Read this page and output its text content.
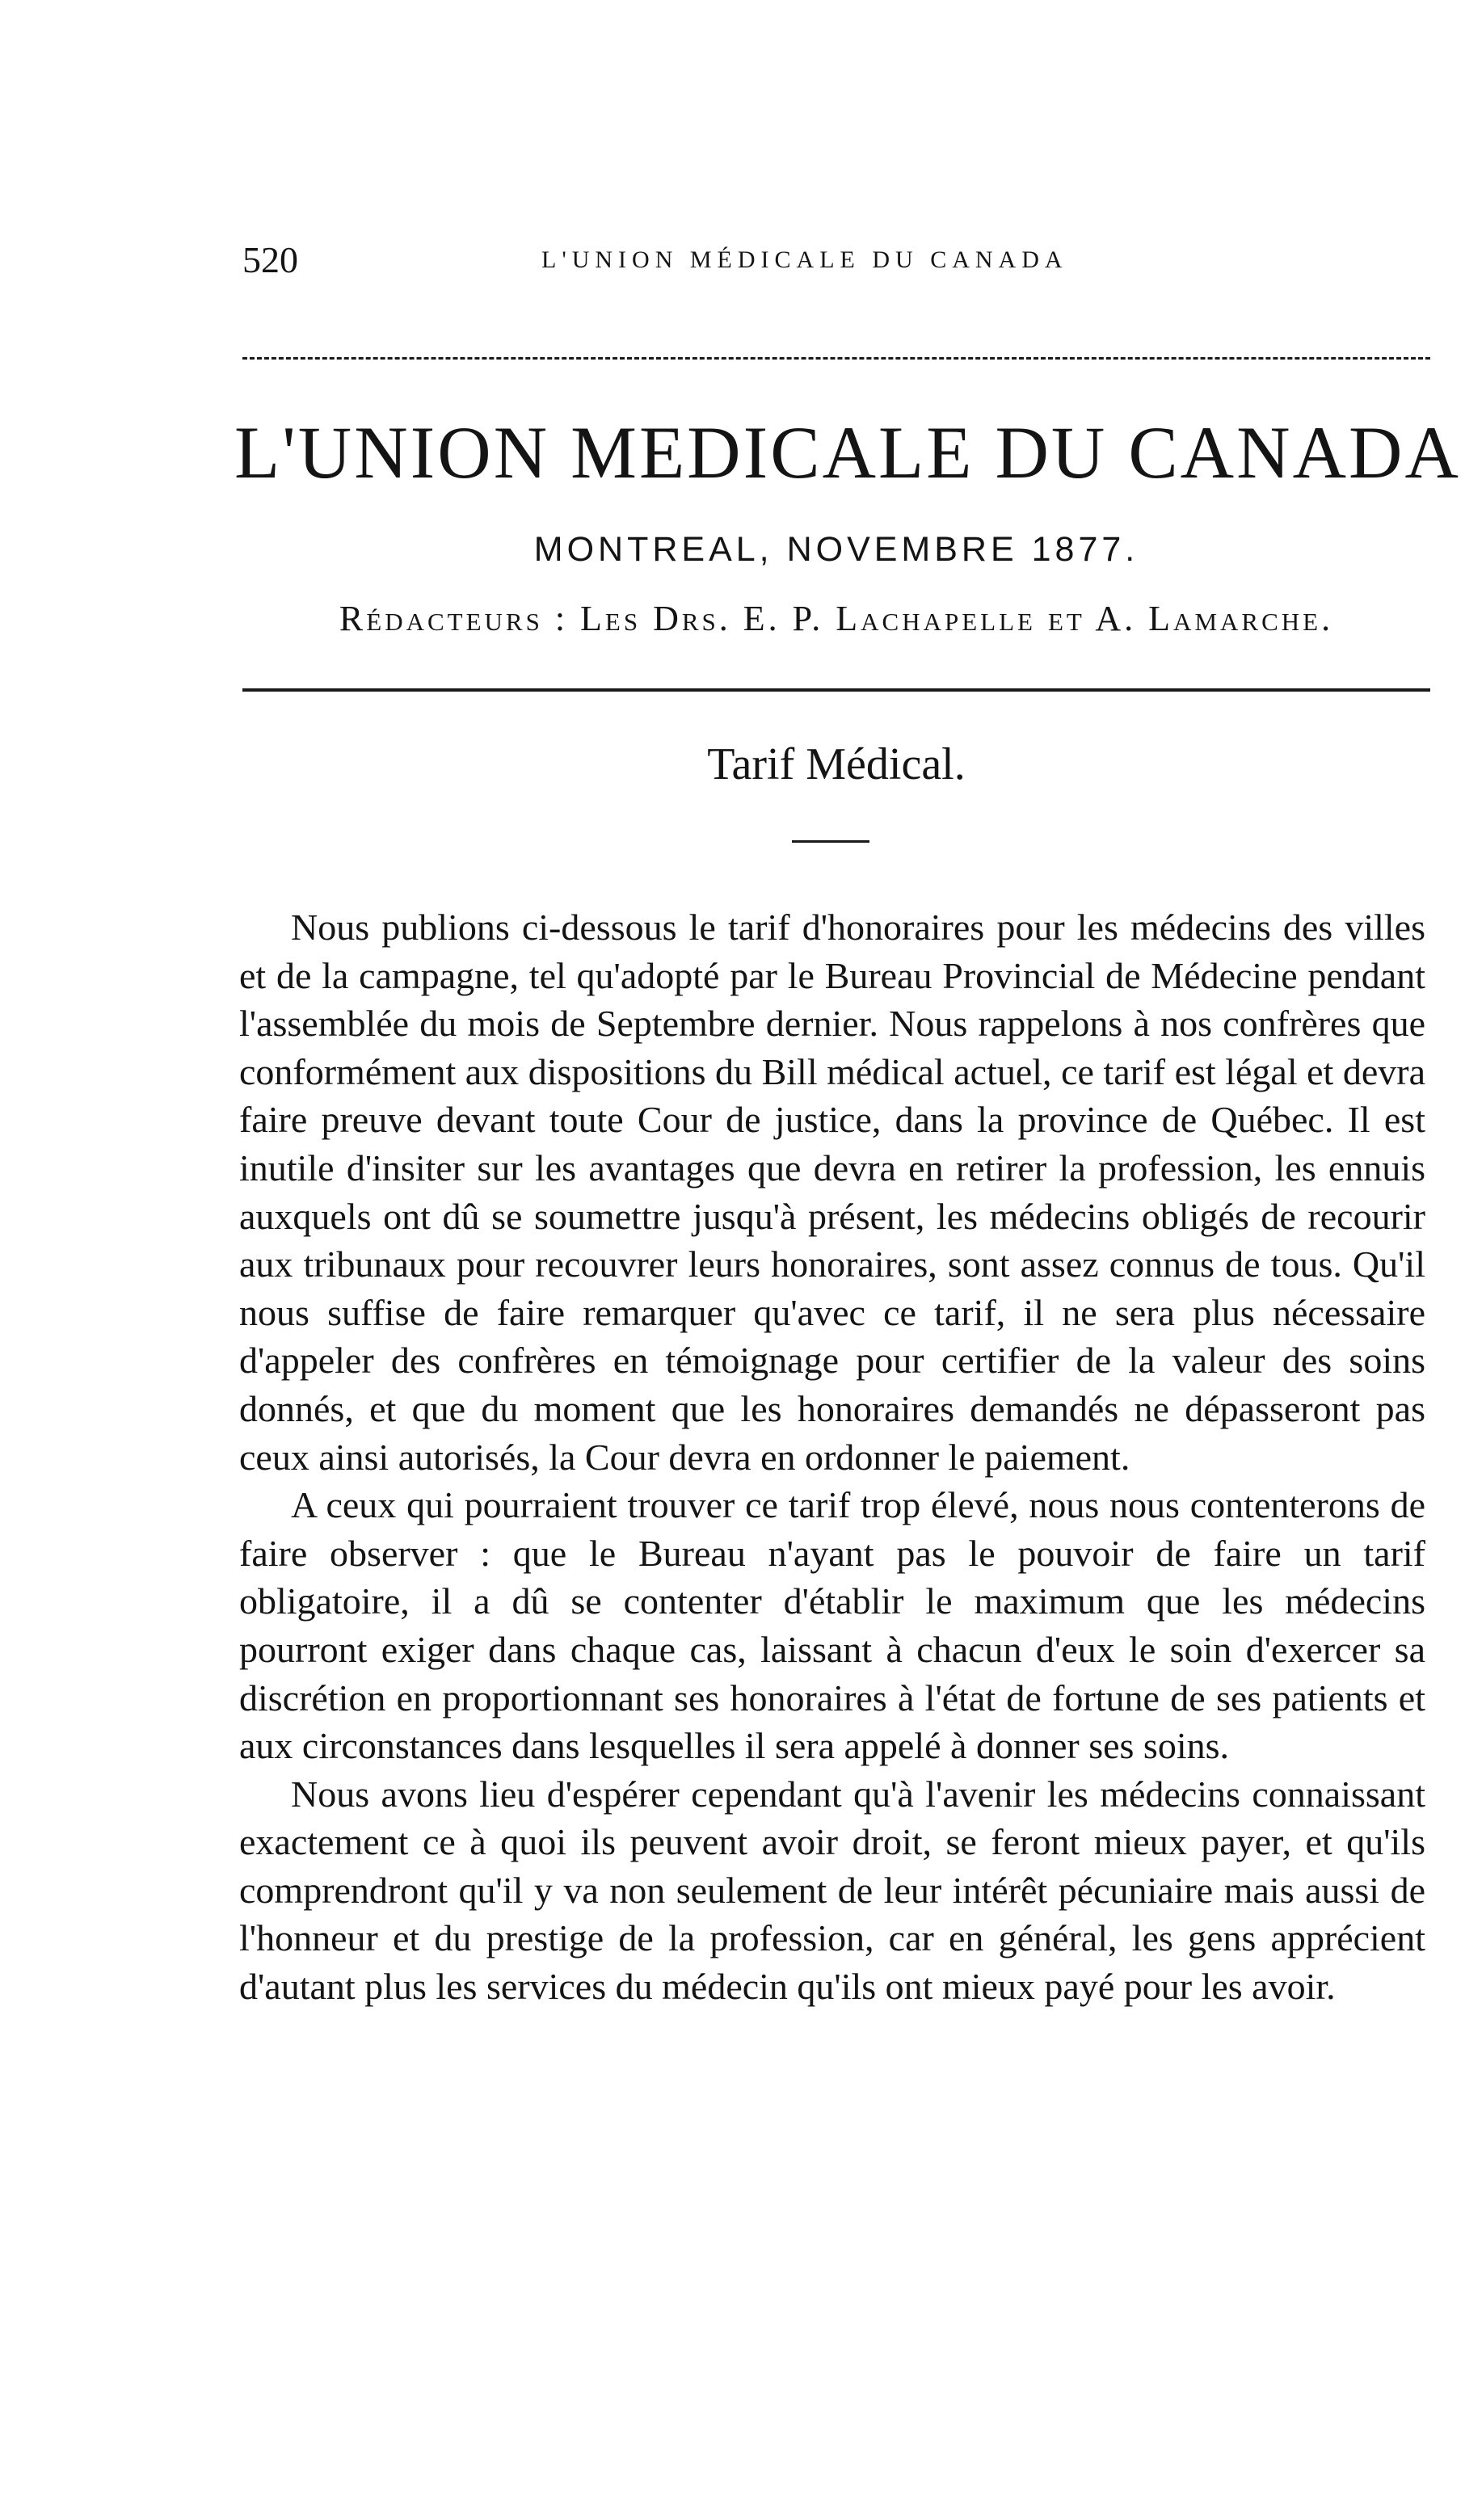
520	L'UNION MÉDICALE DU CANADA
L'UNION MEDICALE DU CANADA
MONTREAL, NOVEMBRE 1877.
Rédacteurs : Les Drs. E. P. Lachapelle et A. Lamarche.
Tarif Médical.

Nous publions ci-dessous le tarif d'honoraires pour les médecins des villes et de la campagne, tel qu'adopté par le Bureau Provincial de Médecine pendant l'assemblée du mois de Septembre dernier. Nous rappelons à nos confrères que conformément aux dispositions du Bill médical actuel, ce tarif est légal et devra faire preuve devant toute Cour de justice, dans la province de Québec. Il est inutile d'insiter sur les avantages que devra en retirer la profession, les ennuis auxquels ont dû se soumettre jusqu'à présent, les médecins obligés de recourir aux tribunaux pour recouvrer leurs honoraires, sont assez connus de tous. Qu'il nous suffise de faire remarquer qu'avec ce tarif, il ne sera plus nécessaire d'appeler des confrères en témoignage pour certifier de la valeur des soins donnés, et que du moment que les honoraires demandés ne dépasseront pas ceux ainsi autorisés, la Cour devra en ordonner le paiement.

A ceux qui pourraient trouver ce tarif trop élevé, nous nous contenterons de faire observer : que le Bureau n'ayant pas le pouvoir de faire un tarif obligatoire, il a dû se contenter d'établir le maximum que les médecins pourront exiger dans chaque cas, laissant à chacun d'eux le soin d'exercer sa discrétion en proportionnant ses honoraires à l'état de fortune de ses patients et aux circonstances dans lesquelles il sera appelé à donner ses soins.

Nous avons lieu d'espérer cependant qu'à l'avenir les médecins connaissant exactement ce à quoi ils peuvent avoir droit, se feront mieux payer, et qu'ils comprendront qu'il y va non seulement de leur intérêt pécuniaire mais aussi de l'honneur et du prestige de la profession, car en général, les gens apprécient d'autant plus les services du médecin qu'ils ont mieux payé pour les avoir.
